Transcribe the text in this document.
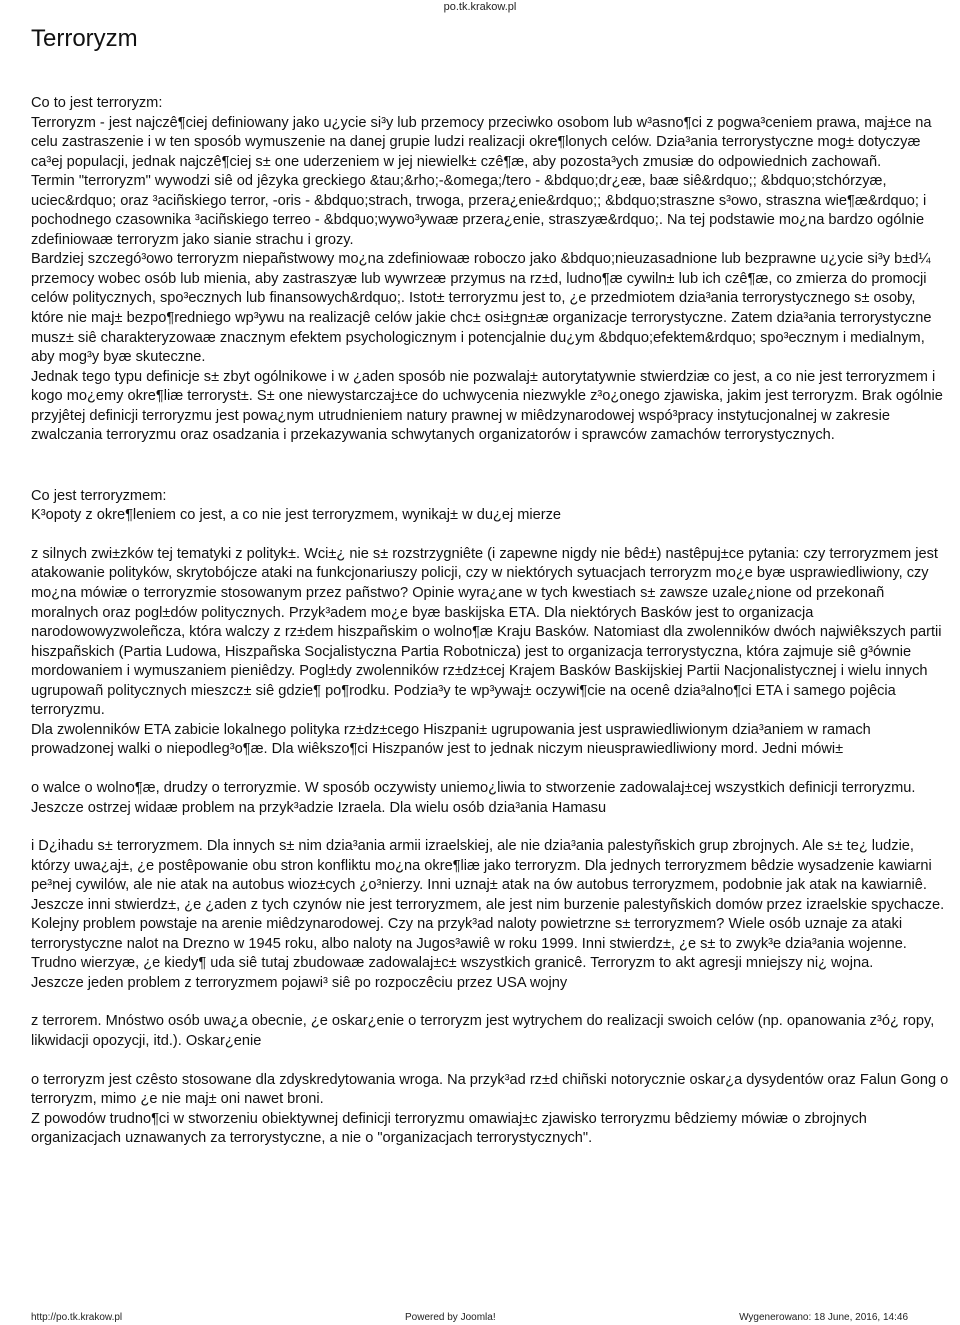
po.tk.krakow.pl
Terroryzm

Co to jest terroryzm:

Terroryzm - jest najczê¶ciej definiowany jako u¿ycie si³y lub przemocy przeciwko osobom lub w³asno¶ci z pogwa³ceniem prawa, maj±ce na celu zastraszenie i w ten sposób wymuszenie na danej grupie ludzi realizacji okre¶lonych celów. Dzia³ania terrorystyczne mog± dotyczyæ ca³ej populacji, jednak najczê¶ciej s± one uderzeniem w jej niewielk± czê¶æ, aby pozosta³ych zmusiæ do odpowiednich zachowañ.

Termin "terroryzm" wywodzi siê od jêzyka greckiego &tau;&rho;-&omega;/tero - &bdquo;dr¿eæ, baæ siê&rdquo;; &bdquo;stchórzyæ, uciec&rdquo; oraz ³aciñskiego terror, -oris - &bdquo;strach, trwoga, przera¿enie&rdquo;; &bdquo;straszne s³owo, straszna wie¶æ&rdquo; i pochodnego czasownika ³aciñskiego terreo - &bdquo;wywo³ywaæ przera¿enie, straszyæ&rdquo;. Na tej podstawie mo¿na bardzo ogólnie zdefiniowaæ terroryzm jako sianie strachu i grozy.

Bardziej szczegó³owo terroryzm niepañstwowy mo¿na zdefiniowaæ roboczo jako &bdquo;nieuzasadnione lub bezprawne u¿ycie si³y b±d¼ przemocy wobec osób lub mienia, aby zastraszyæ lub wywrzeæ przymus na rz±d, ludno¶æ cywiln± lub ich czê¶æ, co zmierza do promocji celów politycznych, spo³ecznych lub finansowych&rdquo;. Istot± terroryzmu jest to, ¿e przedmiotem dzia³ania terrorystycznego s± osoby, które nie maj± bezpo¶redniego wp³ywu na realizacjê celów jakie chc± osi±gn±æ organizacje terrorystyczne. Zatem dzia³ania terrorystyczne musz± siê charakteryzowaæ znacznym efektem psychologicznym i potencjalnie du¿ym &bdquo;efektem&rdquo; spo³ecznym i medialnym, aby mog³y byæ skuteczne.

Jednak tego typu definicje s± zbyt ogólnikowe i w ¿aden sposób nie pozwalaj± autorytatywnie stwierdziæ co jest, a co nie jest terroryzmem i kogo mo¿emy okre¶liæ terroryst±. S± one niewystarczaj±ce do uchwycenia niezwykle z³o¿onego zjawiska, jakim jest terroryzm. Brak ogólnie przyjêtej definicji terroryzmu jest powa¿nym utrudnieniem natury prawnej w miêdzynarodowej wspó³pracy instytucjonalnej w zakresie zwalczania terroryzmu oraz osadzania i przekazywania schwytanych organizatorów i sprawców zamachów terrorystycznych.

Co jest terroryzmem:

K³opoty z okre¶leniem co jest, a co nie jest terroryzmem, wynikaj± w du¿ej mierze

z silnych zwi±zków tej tematyki z polityk±. Wci±¿ nie s± rozstrzygniête (i zapewne nigdy nie bêd±) nastêpuj±ce pytania: czy terroryzmem jest atakowanie polityków, skrytobójcze ataki na funkcjonariuszy policji, czy w niektórych sytuacjach terroryzm mo¿e byæ usprawiedliwiony, czy mo¿na mówiæ o terroryzmie stosowanym przez pañstwo? Opinie wyra¿ane w tych kwestiach s± zawsze uzale¿nione od przekonañ moralnych oraz pogl±dów politycznych. Przyk³adem mo¿e byæ baskijska ETA. Dla niektórych Basków jest to organizacja narodowowyzwoleñcza, która walczy z rz±dem hiszpañskim o wolno¶æ Kraju Basków. Natomiast dla zwolenników dwóch najwiêkszych partii hiszpañskich (Partia Ludowa, Hiszpañska Socjalistyczna Partia Robotnicza) jest to organizacja terrorystyczna, która zajmuje siê g³ównie mordowaniem i wymuszaniem pieniêdzy. Pogl±dy zwolenników rz±dz±cej Krajem Basków Baskijskiej Partii Nacjonalistycznej i wielu innych ugrupowañ politycznych mieszcz± siê gdzie¶ po¶rodku. Podzia³y te wp³ywaj± oczywi¶cie na ocenê dzia³alno¶ci ETA i samego pojêcia terroryzmu.

Dla zwolenników ETA zabicie lokalnego polityka rz±dz±cego Hiszpani± ugrupowania jest usprawiedliwionym dzia³aniem w ramach prowadzonej walki o niepodleg³o¶æ. Dla wiêkszo¶ci Hiszpanów jest to jednak niczym nieusprawiedliwiony mord. Jedni mówi±

o walce o wolno¶æ, drudzy o terroryzmie. W sposób oczywisty uniemo¿liwia to stworzenie zadowalaj±cej wszystkich definicji terroryzmu.

Jeszcze ostrzej widaæ problem na przyk³adzie Izraela. Dla wielu osób dzia³ania Hamasu

i D¿ihadu s± terroryzmem. Dla innych s± nim dzia³ania armii izraelskiej, ale nie dzia³ania palestyñskich grup zbrojnych. Ale s± te¿ ludzie, którzy uwa¿aj±, ¿e postêpowanie obu stron konfliktu mo¿na okre¶liæ jako terroryzm. Dla jednych terroryzmem bêdzie wysadzenie kawiarni pe³nej cywilów, ale nie atak na autobus wioz±cych ¿o³nierzy. Inni uznaj± atak na ów autobus terroryzmem, podobnie jak atak na kawiarniê. Jeszcze inni stwierdz±, ¿e ¿aden z tych czynów nie jest terroryzmem, ale jest nim burzenie palestyñskich domów przez izraelskie spychacze.

Kolejny problem powstaje na arenie miêdzynarodowej. Czy na przyk³ad naloty powietrzne s± terroryzmem? Wiele osób uznaje za ataki terrorystyczne nalot na Drezno w 1945 roku, albo naloty na Jugos³awiê w roku 1999. Inni stwierdz±, ¿e s± to zwyk³e dzia³ania wojenne. Trudno wierzyæ, ¿e kiedy¶ uda siê tutaj zbudowaæ zadowalaj±c± wszystkich granicê. Terroryzm to akt agresji mniejszy ni¿ wojna.

Jeszcze jeden problem z terroryzmem pojawi³ siê po rozpoczêciu przez USA wojny

z terrorem. Mnóstwo osób uwa¿a obecnie, ¿e oskar¿enie o terroryzm jest wytrychem do realizacji swoich celów (np. opanowania z³ó¿ ropy, likwidacji opozycji, itd.). Oskar¿enie

o terroryzm jest czêsto stosowane dla zdyskredytowania wroga. Na przyk³ad rz±d chiñski notorycznie oskar¿a dysydentów oraz Falun Gong o terroryzm, mimo ¿e nie maj± oni nawet broni.

Z powodów trudno¶ci w stworzeniu obiektywnej definicji terroryzmu omawiaj±c zjawisko terroryzmu bêdziemy mówiæ o zbrojnych organizacjach uznawanych za terrorystyczne, a nie o "organizacjach terrorystycznych".

http://po.tk.krakow.pl	Powered by Joomla!	Wygenerowano: 18 June, 2016, 14:46
